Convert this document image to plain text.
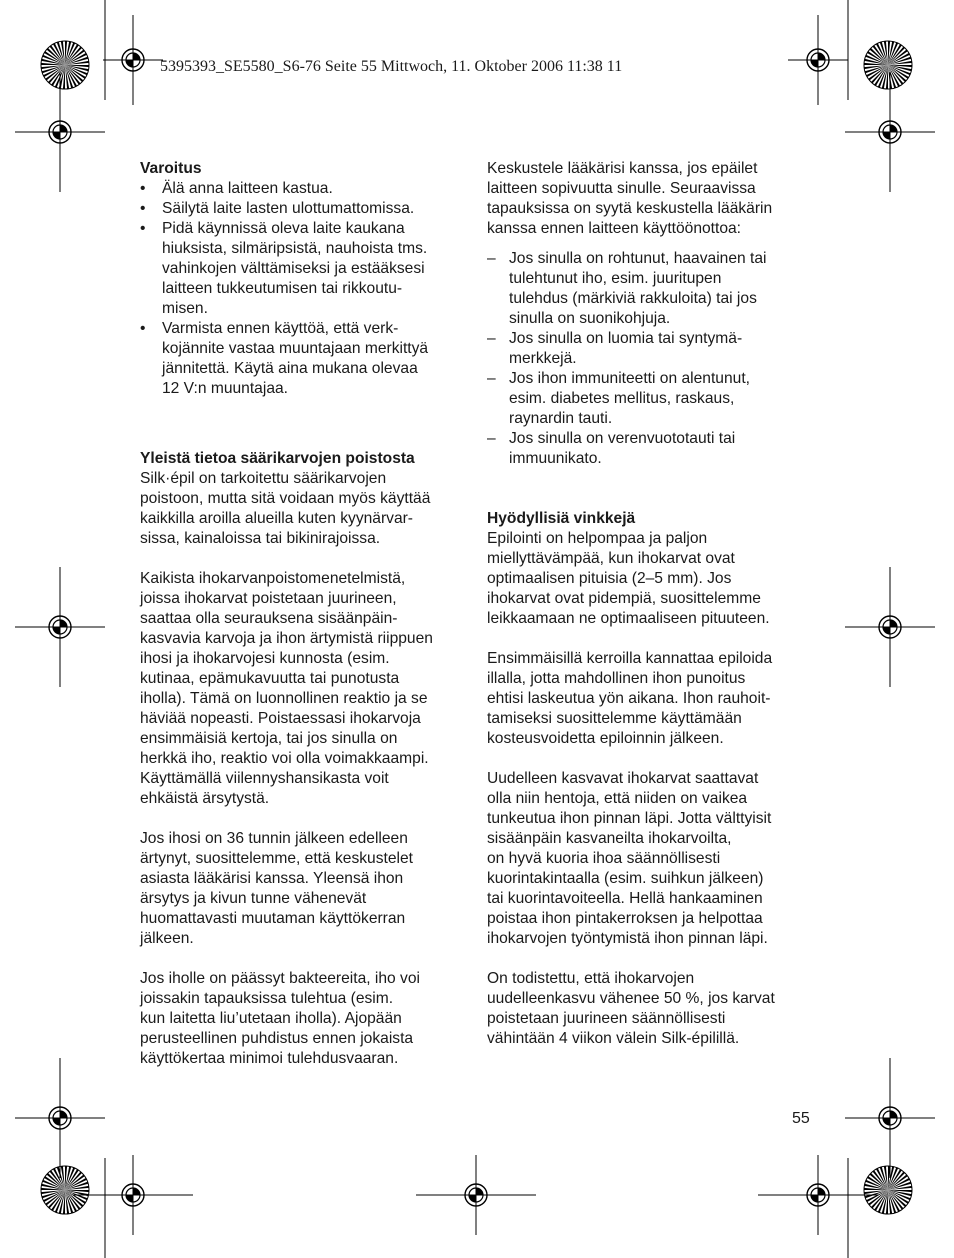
5395393_SE5580_S6-76 Seite 55 Mittwoch, 11. Oktober 2006 11:38 11

Varoitus

•	Älä anna laitteen kastua.

•	Säilytä laite lasten ulottumattomissa.

•	Pidä käynnissä oleva laite kaukana

hiuksista, silmäripsistä, nauhoista tms.

vahinkojen välttämiseksi ja estääksesi

laitteen tukkeutumisen tai rikkoutu-

misen.

•	Varmista ennen käyttöä, että verk-

kojännite vastaa muuntajaan merkittyä

jännitettä. Käytä aina mukana olevaa

12 V:n muuntajaa.

Yleistä tietoa säärikarvojen poistosta

Silk·épil on tarkoitettu säärikarvojen

poistoon, mutta sitä voidaan myös käyttää

kaikkilla aroilla alueilla kuten kyynärvar-

sissa, kainaloissa tai bikinirajoissa.

Kaikista ihokarvanpoistomenetelmistä,

joissa ihokarvat poistetaan juurineen,

saattaa olla seurauksena sisäänpäin-

kasvavia karvoja ja ihon ärtymistä riippuen

ihosi ja ihokarvojesi kunnosta (esim.

kutinaa, epämukavuutta tai punotusta

iholla). Tämä on luonnollinen reaktio ja se

häviää nopeasti. Poistaessasi ihokarvoja

ensimmäisiä kertoja, tai jos sinulla on

herkkä iho, reaktio voi olla voimakkaampi.

Käyttämällä viilennyshansikasta voit

ehkäistä ärsytystä.

Jos ihosi on 36 tunnin jälkeen edelleen

ärtynyt, suosittelemme, että keskustelet

asiasta lääkärisi kanssa. Yleensä ihon

ärsytys ja kivun tunne vähenevät

huomattavasti muutaman käyttökerran

jälkeen.

Jos iholle on päässyt bakteereita, iho voi

joissakin tapauksissa tulehtua (esim.

kun laitetta liu’utetaan iholla). Ajopään

perusteellinen puhdistus ennen jokaista

käyttökertaa minimoi tulehdusvaaran.

Keskustele lääkärisi kanssa, jos epäilet

laitteen sopivuutta sinulle. Seuraavissa

tapauksissa on syytä keskustella lääkärin

kanssa ennen laitteen käyttöönottoa:

– Jos sinulla on rohtunut, haavainen tai

tulehtunut iho, esim. juuritupen

tulehdus (märkiviä rakkuloita) tai jos

sinulla on suonikohjuja.

– Jos sinulla on luomia tai syntymä-

merkkejä.

– Jos ihon immuniteetti on alentunut,

esim. diabetes mellitus, raskaus,

raynardin tauti.

– Jos sinulla on verenvuototauti tai

immuunikato.

Hyödyllisiä vinkkejä

Epilointi on helpompaa ja paljon

miellyttävämpää, kun ihokarvat ovat

optimaalisen pituisia (2–5 mm). Jos

ihokarvat ovat pidempiä, suosittelemme

leikkaamaan ne optimaaliseen pituuteen.

Ensimmäisillä kerroilla kannattaa epiloida

illalla, jotta mahdollinen ihon punoitus

ehtisi laskeutua yön aikana. Ihon rauhoit-

tamiseksi suosittelemme käyttämään

kosteusvoidetta epiloinnin jälkeen.

Uudelleen kasvavat ihokarvat saattavat

olla niin hentoja, että niiden on vaikea

tunkeutua ihon pinnan läpi. Jotta välttyisit

sisäänpäin kasvaneilta ihokarvoilta,

on hyvä kuoria ihoa säännöllisesti

kuorintakintaalla (esim. suihkun jälkeen)

tai kuorintavoiteella. Hellä hankaaminen

poistaa ihon pintakerroksen ja helpottaa

ihokarvojen työntymistä ihon pinnan läpi.

On todistettu, että ihokarvojen

uudelleenkasvu vähenee 50 %, jos karvat

poistetaan juurineen säännöllisesti

vähintään 4 viikon välein Silk-épilillä.

55
